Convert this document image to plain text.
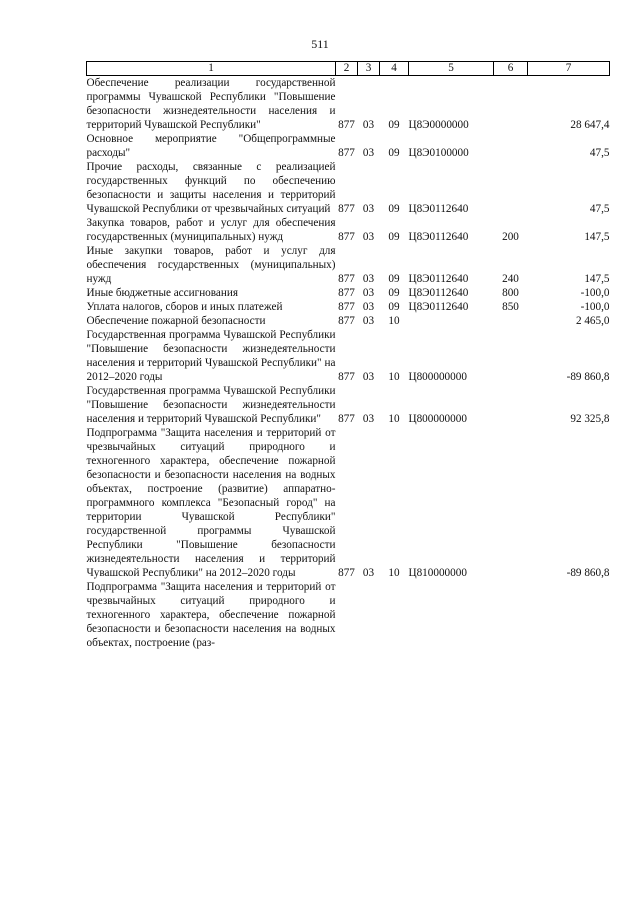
511
1	2	3	4	5	6	7
Обеспечение реализации государственной программы Чувашской Республики "Повышение безопасности жизнедеятельности населения и территорий Чувашской Республики"	877	03	09	Ц8Э0000000		28 647,4
Основное мероприятие "Общепрограммные расходы"	877	03	09	Ц8Э0100000		47,5
Прочие расходы, связанные с реализацией государственных функций по обеспечению безопасности и защиты населения и территорий Чувашской Республики от чрезвычайных ситуаций	877	03	09	Ц8Э0112640		47,5
Закупка товаров, работ и услуг для обеспечения государственных (муниципальных) нужд	877	03	09	Ц8Э0112640	200	147,5
Иные закупки товаров, работ и услуг для обеспечения государственных (муниципальных) нужд	877	03	09	Ц8Э0112640	240	147,5
Иные бюджетные ассигнования	877	03	09	Ц8Э0112640	800	-100,0
Уплата налогов, сборов и иных платежей	877	03	09	Ц8Э0112640	850	-100,0
Обеспечение пожарной безопасности	877	03	10			2 465,0
Государственная программа Чувашской Республики "Повышение безопасности жизнедеятельности населения и территорий Чувашской Республики" на 2012–2020 годы	877	03	10	Ц800000000		-89 860,8
Государственная программа Чувашской Республики "Повышение безопасности жизнедеятельности населения и территорий Чувашской Республики"	877	03	10	Ц800000000		92 325,8
Подпрограмма "Защита населения и территорий от чрезвычайных ситуаций природного и техногенного характера, обеспечение пожарной безопасности и безопасности населения на водных объектах, построение (развитие) аппаратно-программного комплекса "Безопасный город" на территории Чувашской Республики" государственной программы Чувашской Республики "Повышение безопасности жизнедеятельности населения и территорий Чувашской Республики" на 2012–2020 годы	877	03	10	Ц810000000		-89 860,8
Подпрограмма "Защита населения и территорий от чрезвычайных ситуаций природного и техногенного характера, обеспечение пожарной безопасности и безопасности населения на водных объектах, построение (раз-						
